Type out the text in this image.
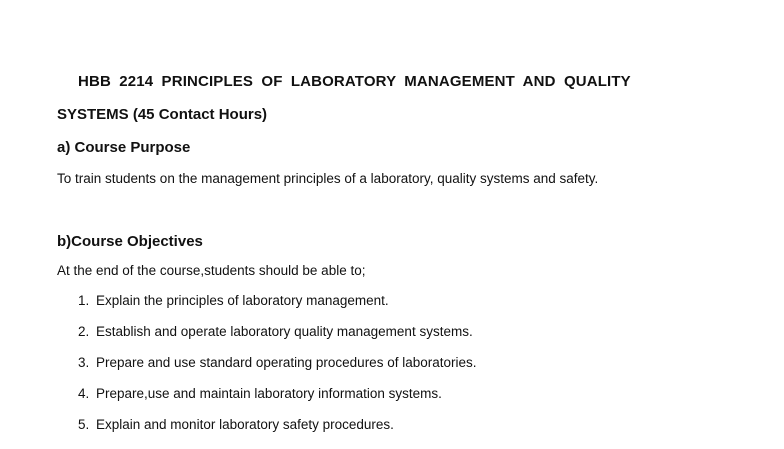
HBB 2214 PRINCIPLES OF LABORATORY MANAGEMENT AND QUALITY
SYSTEMS (45 Contact Hours)
a) Course Purpose
To train students on the management principles of a laboratory, quality systems and safety.
b)Course Objectives
At the end of the course,students should be able to;
1. Explain the principles of laboratory management.
2. Establish and operate laboratory quality management systems.
3. Prepare and use standard operating procedures of laboratories.
4. Prepare,use and maintain laboratory information systems.
5. Explain and monitor laboratory safety procedures.
